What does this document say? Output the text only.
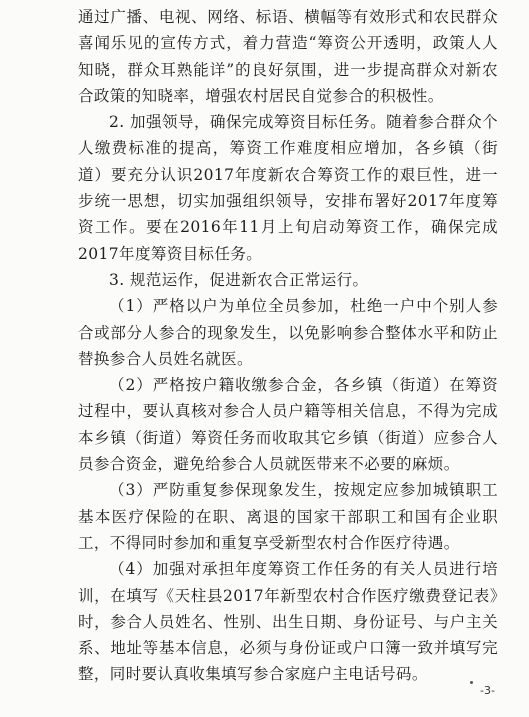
通过广播、电视、网络、标语、横幅等有效形式和农民群众喜闻乐见的宣传方式，着力营造“筹资公开透明，政策人人知晓，群众耳熟能详”的良好氛围，进一步提高群众对新农合政策的知晓率，增强农村居民自觉参合的积极性。

2. 加强领导，确保完成筹资目标任务。随着参合群众个人缴费标准的提高，筹资工作难度相应增加，各乡镇（街道）要充分认识2017年度新农合筹资工作的艰巨性，进一步统一思想，切实加强组织领导，安排布署好2017年度筹资工作。要在2016年11月上旬启动筹资工作，确保完成2017年度筹资目标任务。

3. 规范运作，促进新农合正常运行。

（1）严格以户为单位全员参加，杜绝一户中个别人参合或部分人参合的现象发生，以免影响参合整体水平和防止替换参合人员姓名就医。

（2）严格按户籍收缴参合金，各乡镇（街道）在筹资过程中，要认真核对参合人员户籍等相关信息，不得为完成本乡镇（街道）筹资任务而收取其它乡镇（街道）应参合人员参合资金，避免给参合人员就医带来不必要的麻烦。

（3）严防重复参保现象发生，按规定应参加城镇职工基本医疗保险的在职、离退的国家干部职工和国有企业职工，不得同时参加和重复享受新型农村合作医疗待遇。

（4）加强对承担年度筹资工作任务的有关人员进行培训，在填写《天柱县2017年新型农村合作医疗缴费登记表》时，参合人员姓名、性别、出生日期、身份证号、与户主关系、地址等基本信息，必须与身份证或户口簿一致并填写完整，同时要认真收集填写参合家庭户主电话号码。

-3-
